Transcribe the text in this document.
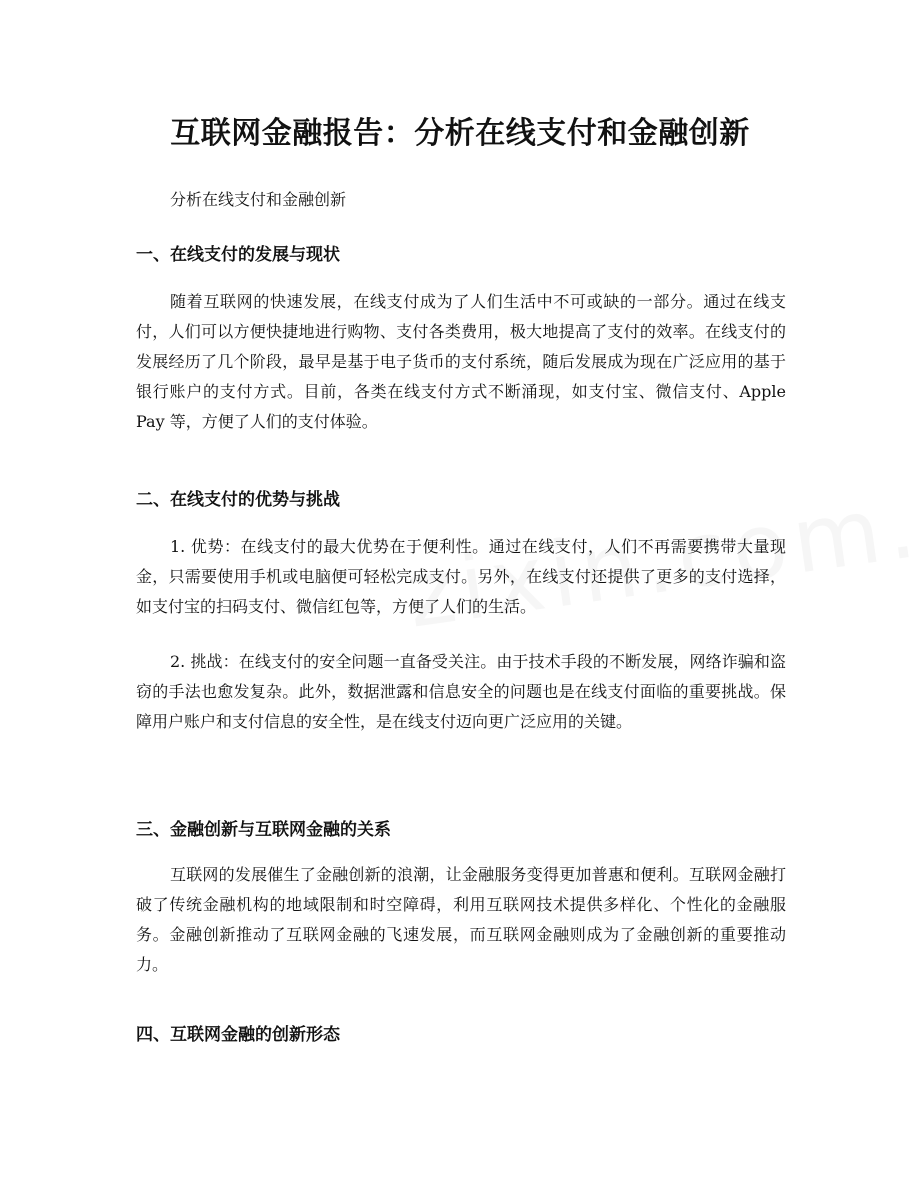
互联网金融报告：分析在线支付和金融创新

分析在线支付和金融创新

一、在线支付的发展与现状

随着互联网的快速发展，在线支付成为了人们生活中不可或缺的一部分。通过在线支付，人们可以方便快捷地进行购物、支付各类费用，极大地提高了支付的效率。在线支付的发展经历了几个阶段，最早是基于电子货币的支付系统，随后发展成为现在广泛应用的基于银行账户的支付方式。目前，各类在线支付方式不断涌现，如支付宝、微信支付、Apple Pay 等，方便了人们的支付体验。

二、在线支付的优势与挑战

1. 优势：在线支付的最大优势在于便利性。通过在线支付，人们不再需要携带大量现金，只需要使用手机或电脑便可轻松完成支付。另外，在线支付还提供了更多的支付选择，如支付宝的扫码支付、微信红包等，方便了人们的生活。

2. 挑战：在线支付的安全问题一直备受关注。由于技术手段的不断发展，网络诈骗和盗窃的手法也愈发复杂。此外，数据泄露和信息安全的问题也是在线支付面临的重要挑战。保障用户账户和支付信息的安全性，是在线支付迈向更广泛应用的关键。

三、金融创新与互联网金融的关系

互联网的发展催生了金融创新的浪潮，让金融服务变得更加普惠和便利。互联网金融打破了传统金融机构的地域限制和时空障碍，利用互联网技术提供多样化、个性化的金融服务。金融创新推动了互联网金融的飞速发展，而互联网金融则成为了金融创新的重要推动力。

四、互联网金融的创新形态
